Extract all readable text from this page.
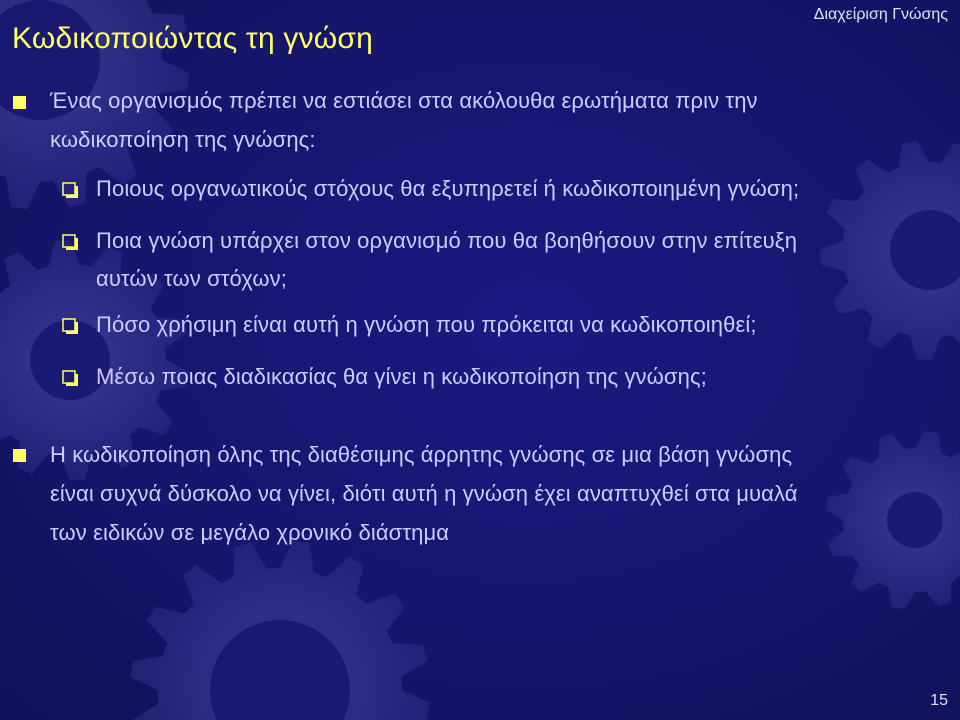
Διαχείριση Γνώσης
Κωδικοποιώντας τη γνώση
Ένας οργανισμός πρέπει να εστιάσει στα ακόλουθα ερωτήματα πριν την
κωδικοποίηση της γνώσης:
Ποιους οργανωτικούς στόχους θα εξυπηρετεί ή κωδικοποιημένη γνώση;
Ποια γνώση υπάρχει στον οργανισμό που θα βοηθήσουν στην επίτευξη
αυτών των στόχων;
Πόσο χρήσιμη είναι αυτή η γνώση που πρόκειται να κωδικοποιηθεί;
Μέσω ποιας διαδικασίας θα γίνει η κωδικοποίηση της γνώσης;
Η κωδικοποίηση όλης της διαθέσιμης άρρητης γνώσης σε μια βάση γνώσης
είναι συχνά δύσκολο να γίνει, διότι αυτή η γνώση έχει αναπτυχθεί στα μυαλά
των ειδικών σε μεγάλο χρονικό διάστημα
15
